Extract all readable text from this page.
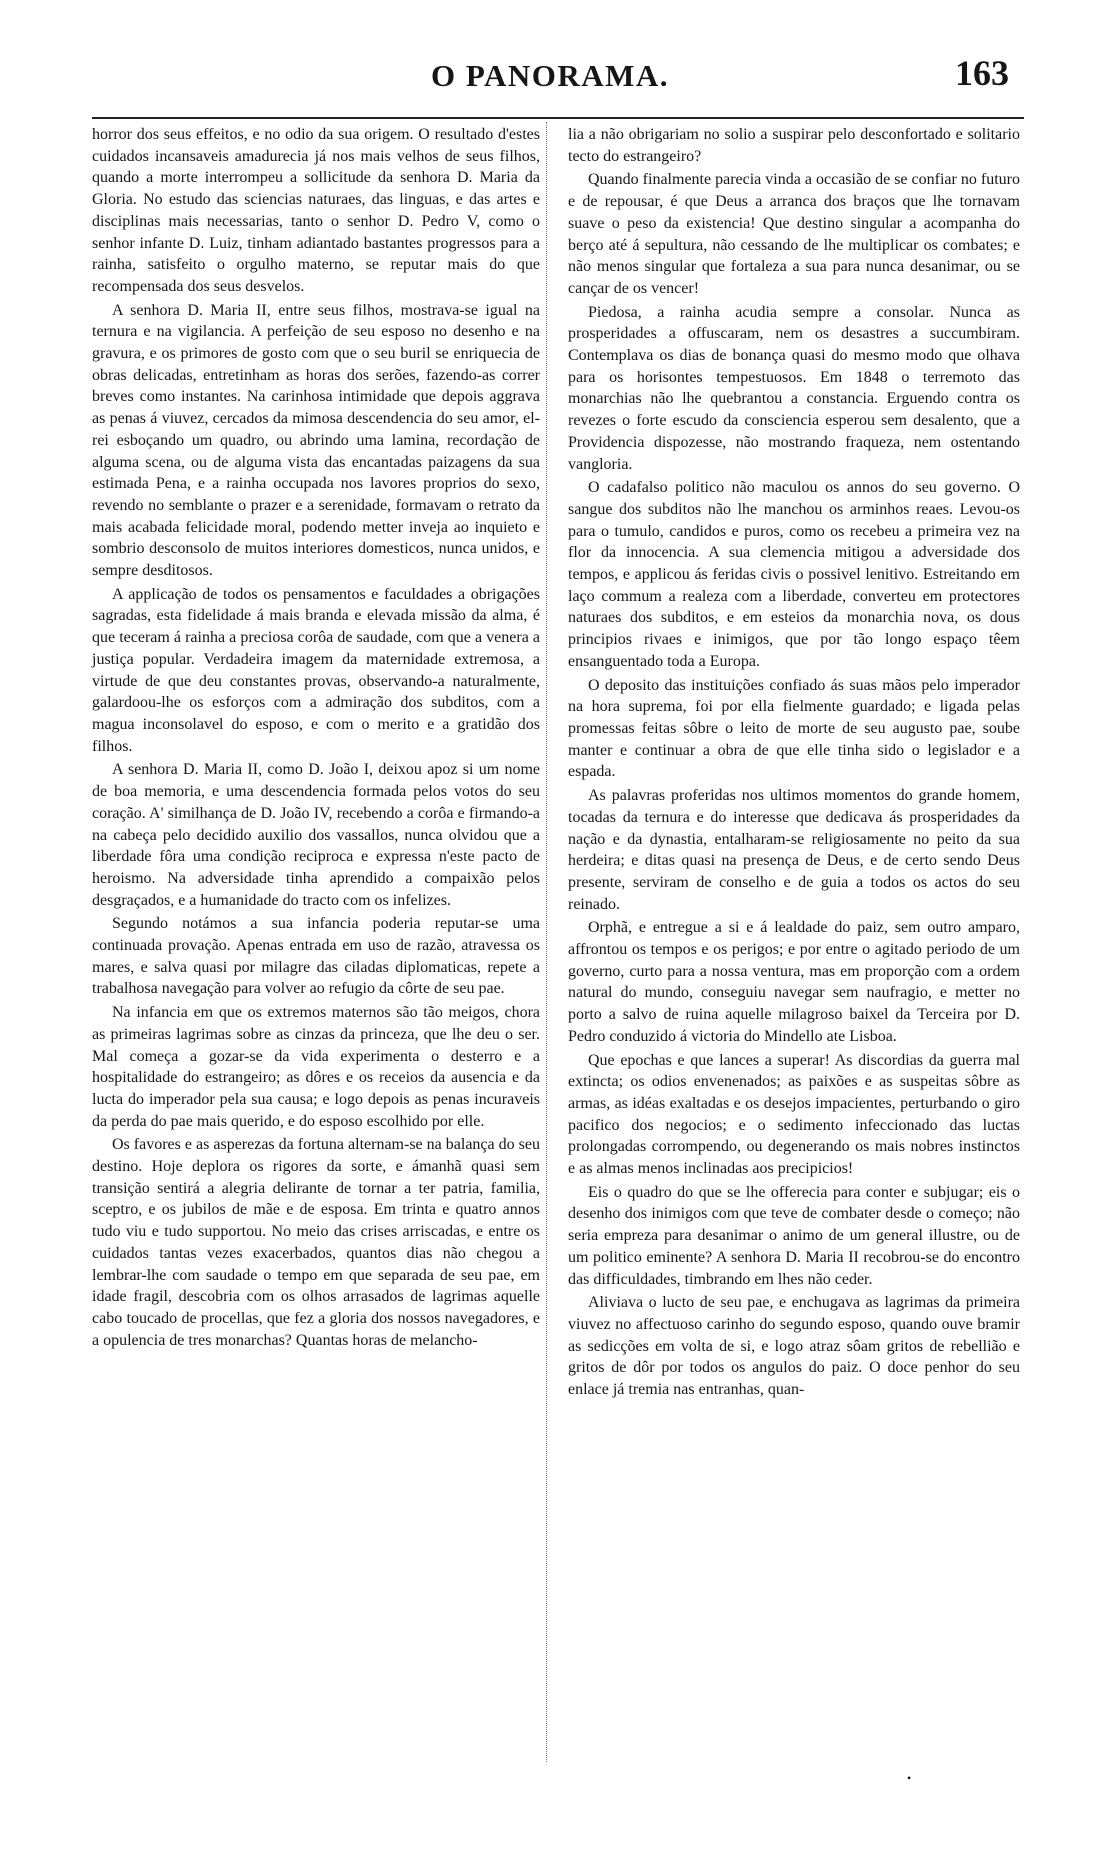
O PANORAMA.	163

horror dos seus effeitos, e no odio da sua origem. O resultado d'estes cuidados incansaveis amadurecia já nos mais velhos de seus filhos, quando a morte interrompeu a sollicitude da senhora D. Maria da Gloria. No estudo das sciencias naturaes, das linguas, e das artes e disciplinas mais necessarias, tanto o senhor D. Pedro V, como o senhor infante D. Luiz, tinham adiantado bastantes progressos para a rainha, satisfeito o orgulho materno, se reputar mais do que recompensada dos seus desvelos.

A senhora D. Maria II, entre seus filhos, mostrava-se igual na ternura e na vigilancia. A perfeição de seu esposo no desenho e na gravura, e os primores de gosto com que o seu buril se enriquecia de obras delicadas, entretinham as horas dos serões, fazendo-as correr breves como instantes. Na carinhosa intimidade que depois aggrava as penas á viuvez, cercados da mimosa descendencia do seu amor, el-rei esboçando um quadro, ou abrindo uma lamina, recordação de alguma scena, ou de alguma vista das encantadas paizagens da sua estimada Pena, e a rainha occupada nos lavores proprios do sexo, revendo no semblante o prazer e a serenidade, formavam o retrato da mais acabada felicidade moral, podendo metter inveja ao inquieto e sombrio desconsolo de muitos interiores domesticos, nunca unidos, e sempre desditosos.

A applicação de todos os pensamentos e faculdades a obrigações sagradas, esta fidelidade á mais branda e elevada missão da alma, é que teceram á rainha a preciosa corôa de saudade, com que a venera a justiça popular. Verdadeira imagem da maternidade extremosa, a virtude de que deu constantes provas, observando-a naturalmente, galardoou-lhe os esforços com a admiração dos subditos, com a magua inconsolavel do esposo, e com o merito e a gratidão dos filhos.

A senhora D. Maria II, como D. João I, deixou apoz si um nome de boa memoria, e uma descendencia formada pelos votos do seu coração. A' similhança de D. João IV, recebendo a corôa e firmando-a na cabeça pelo decidido auxilio dos vassallos, nunca olvidou que a liberdade fôra uma condição reciproca e expressa n'este pacto de heroismo. Na adversidade tinha aprendido a compaixão pelos desgraçados, e a humanidade do tracto com os infelizes.

Segundo notámos a sua infancia poderia reputar-se uma continuada provação. Apenas entrada em uso de razão, atravessa os mares, e salva quasi por milagre das ciladas diplomaticas, repete a trabalhosa navegação para volver ao refugio da côrte de seu pae.

Na infancia em que os extremos maternos são tão meigos, chora as primeiras lagrimas sobre as cinzas da princeza, que lhe deu o ser. Mal começa a gozar-se da vida experimenta o desterro e a hospitalidade do estrangeiro; as dôres e os receios da ausencia e da lucta do imperador pela sua causa; e logo depois as penas incuraveis da perda do pae mais querido, e do esposo escolhido por elle.

Os favores e as asperezas da fortuna alternam-se na balança do seu destino. Hoje deplora os rigores da sorte, e ámanhã quasi sem transição sentirá a alegria delirante de tornar a ter patria, familia, sceptro, e os jubilos de mãe e de esposa. Em trinta e quatro annos tudo viu e tudo supportou. No meio das crises arriscadas, e entre os cuidados tantas vezes exacerbados, quantos dias não chegou a lembrar-lhe com saudade o tempo em que separada de seu pae, em idade fragil, descobria com os olhos arrasados de lagrimas aquelle cabo toucado de procellas, que fez a gloria dos nossos navegadores, e a opulencia de tres monarchas? Quantas horas de melancho-

lia a não obrigariam no solio a suspirar pelo desconfortado e solitario tecto do estrangeiro?

Quando finalmente parecia vinda a occasião de se confiar no futuro e de repousar, é que Deus a arranca dos braços que lhe tornavam suave o peso da existencia! Que destino singular a acompanha do berço até á sepultura, não cessando de lhe multiplicar os combates; e não menos singular que fortaleza a sua para nunca desanimar, ou se cançar de os vencer!

Piedosa, a rainha acudia sempre a consolar. Nunca as prosperidades a offuscaram, nem os desastres a succumbiram. Contemplava os dias de bonança quasi do mesmo modo que olhava para os horisontes tempestuosos. Em 1848 o terremoto das monarchias não lhe quebrantou a constancia. Erguendo contra os revezes o forte escudo da consciencia esperou sem desalento, que a Providencia dispozesse, não mostrando fraqueza, nem ostentando vangloria.

O cadafalso politico não maculou os annos do seu governo. O sangue dos subditos não lhe manchou os arminhos reaes. Levou-os para o tumulo, candidos e puros, como os recebeu a primeira vez na flor da innocencia. A sua clemencia mitigou a adversidade dos tempos, e applicou ás feridas civis o possivel lenitivo. Estreitando em laço commum a realeza com a liberdade, converteu em protectores naturaes dos subditos, e em esteios da monarchia nova, os dous principios rivaes e inimigos, que por tão longo espaço têem ensanguentado toda a Europa.

O deposito das instituições confiado ás suas mãos pelo imperador na hora suprema, foi por ella fielmente guardado; e ligada pelas promessas feitas sôbre o leito de morte de seu augusto pae, soube manter e continuar a obra de que elle tinha sido o legislador e a espada.

As palavras proferidas nos ultimos momentos do grande homem, tocadas da ternura e do interesse que dedicava ás prosperidades da nação e da dynastia, entalharam-se religiosamente no peito da sua herdeira; e ditas quasi na presença de Deus, e de certo sendo Deus presente, serviram de conselho e de guia a todos os actos do seu reinado.

Orphã, e entregue a si e á lealdade do paiz, sem outro amparo, affrontou os tempos e os perigos; e por entre o agitado periodo de um governo, curto para a nossa ventura, mas em proporção com a ordem natural do mundo, conseguiu navegar sem naufragio, e metter no porto a salvo de ruina aquelle milagroso baixel da Terceira por D. Pedro conduzido á victoria do Mindello ate Lisboa.

Que epochas e que lances a superar! As discordias da guerra mal extincta; os odios envenenados; as paixões e as suspeitas sôbre as armas, as idéas exaltadas e os desejos impacientes, perturbando o giro pacifico dos negocios; e o sedimento infeccionado das luctas prolongadas corrompendo, ou degenerando os mais nobres instinctos e as almas menos inclinadas aos precipicios!

Eis o quadro do que se lhe offerecia para conter e subjugar; eis o desenho dos inimigos com que teve de combater desde o começo; não seria empreza para desanimar o animo de um general illustre, ou de um politico eminente? A senhora D. Maria II recobrou-se do encontro das difficuldades, timbrando em lhes não ceder.

Aliviava o lucto de seu pae, e enchugava as lagrimas da primeira viuvez no affectuoso carinho do segundo esposo, quando ouve bramir as sedicções em volta de si, e logo atraz sôam gritos de rebellião e gritos de dôr por todos os angulos do paiz. O doce penhor do seu enlace já tremia nas entranhas, quan-

•
